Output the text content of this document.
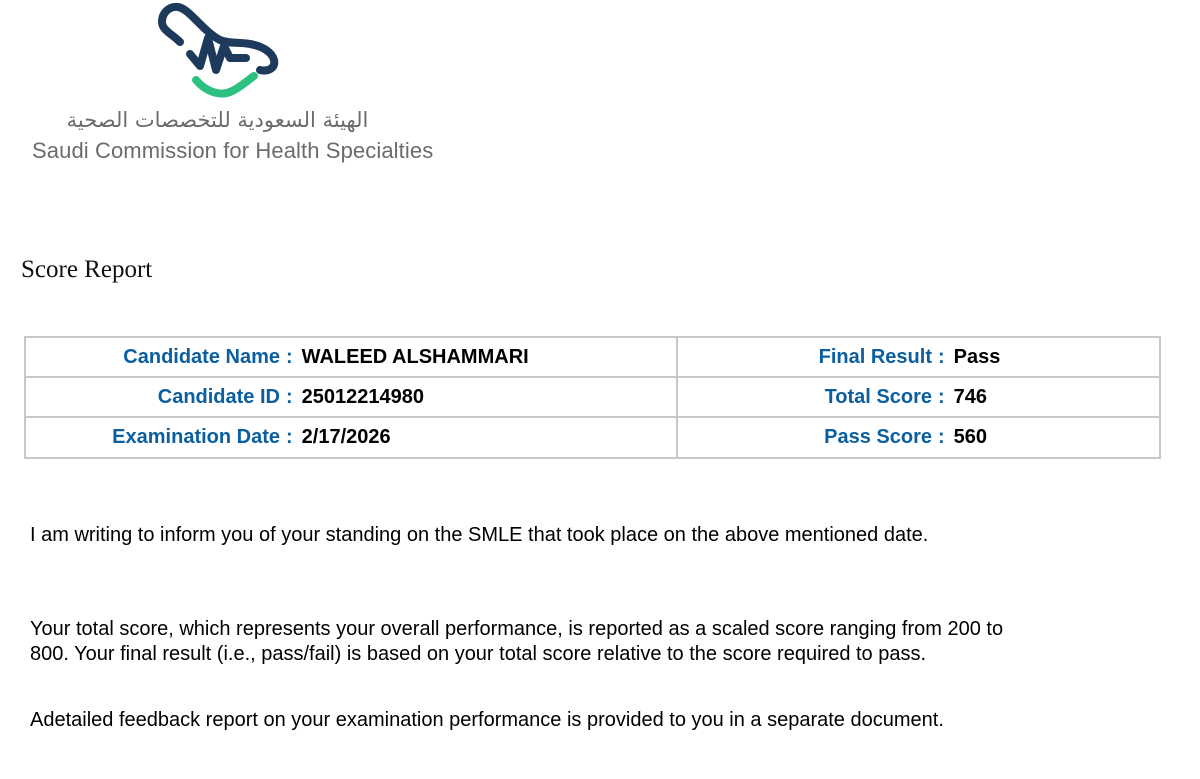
الهيئة السعودية للتخصصات الصحية
Saudi Commission for Health Specialties
Score Report
Candidate Name : WALEED ALSHAMMARI	Final Result : Pass
Candidate ID : 25012214980	Total Score : 746
Examination Date : 2/17/2026	Pass Score : 560
I am writing to inform you of your standing on the SMLE that took place on the above mentioned date.
Your total score, which represents your overall performance, is reported as a scaled score ranging from 200 to
800. Your final result (i.e., pass/fail) is based on your total score relative to the score required to pass.
Adetailed feedback report on your examination performance is provided to you in a separate document.
